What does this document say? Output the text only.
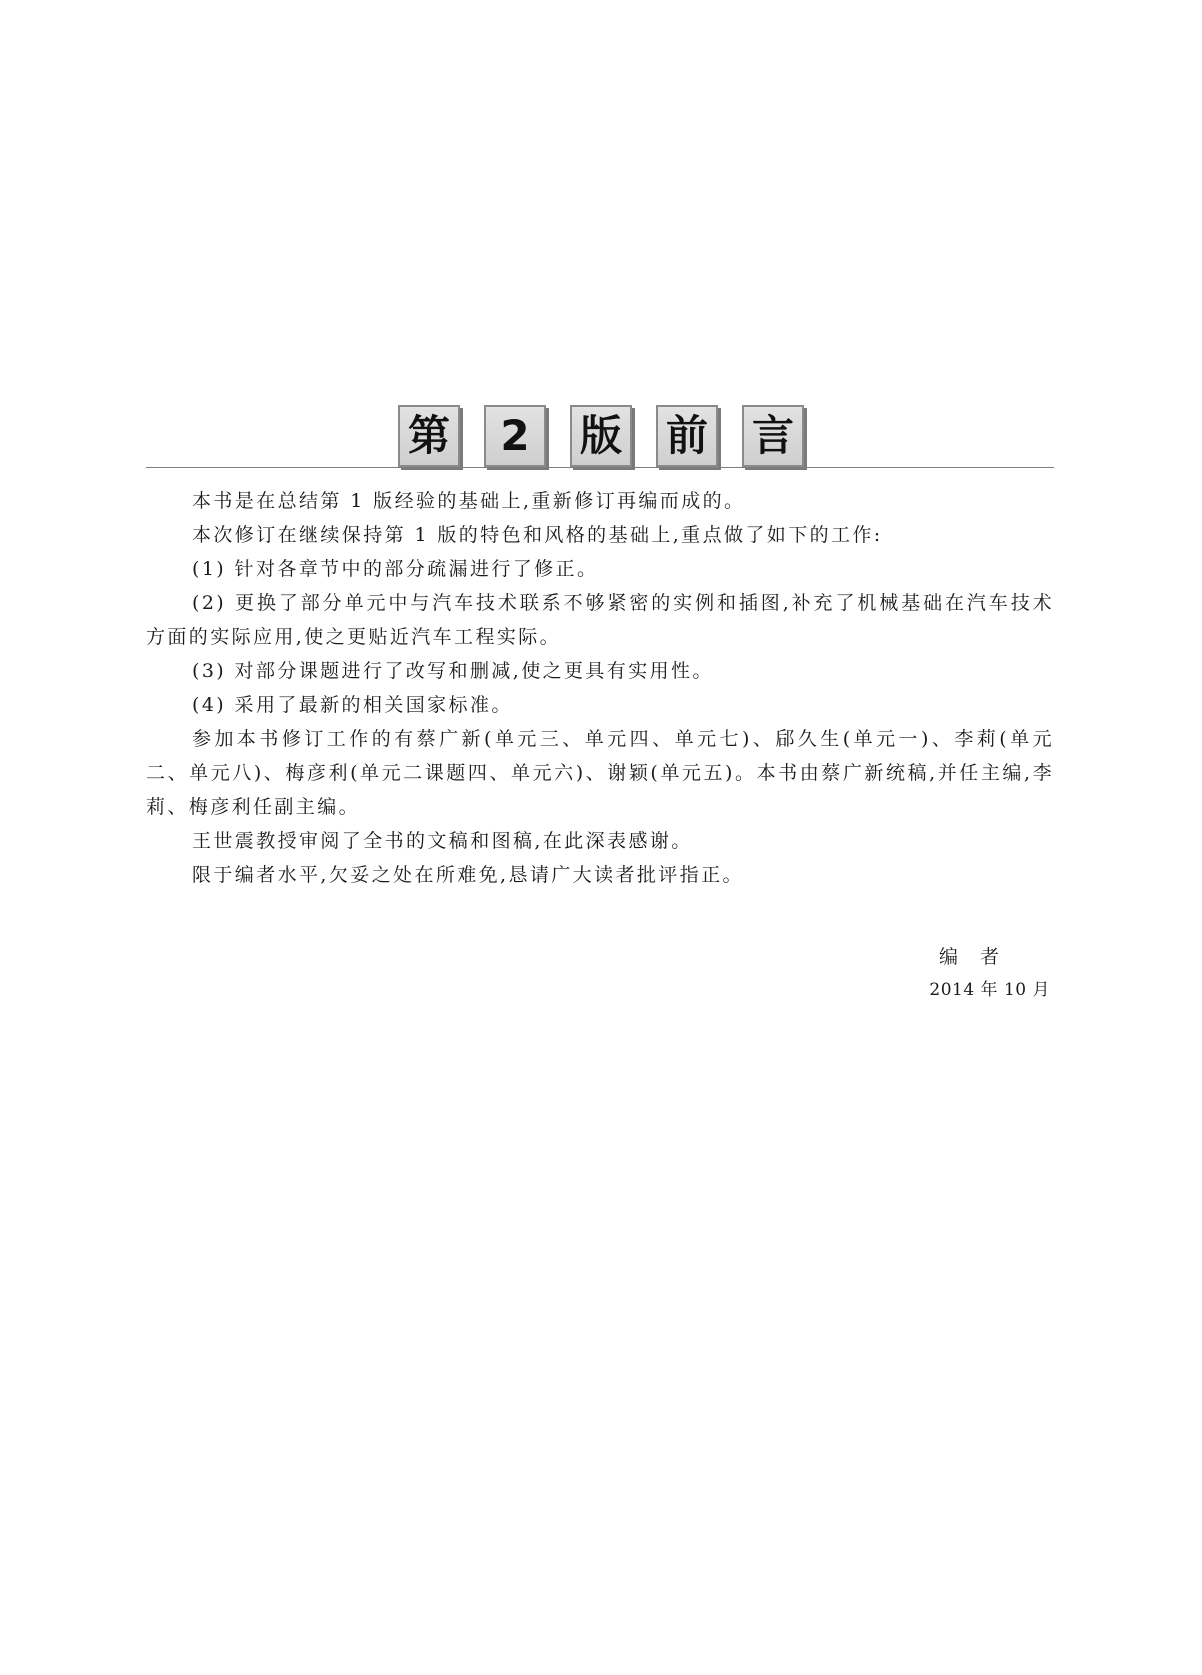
第	2	版 前 言

本书是在总结第 1 版经验的基础上,重新修订再编而成的。

本次修订在继续保持第 1 版的特色和风格的基础上,重点做了如下的工作:

(1) 针对各章节中的部分疏漏进行了修正。

(2) 更换了部分单元中与汽车技术联系不够紧密的实例和插图,补充了机械基础在汽车技术方面的实际应用,使之更贴近汽车工程实际。

(3) 对部分课题进行了改写和删减,使之更具有实用性。

(4) 采用了最新的相关国家标准。

参加本书修订工作的有蔡广新(单元三、单元四、单元七)、郈久生(单元一)、李莉(单元二、单元八)、梅彦利(单元二课题四、单元六)、谢颖(单元五)。本书由蔡广新统稿,并任主编,李莉、梅彦利任副主编。

王世震教授审阅了全书的文稿和图稿,在此深表感谢。

限于编者水平,欠妥之处在所难免,恳请广大读者批评指正。

编者
2014 年 10 月
